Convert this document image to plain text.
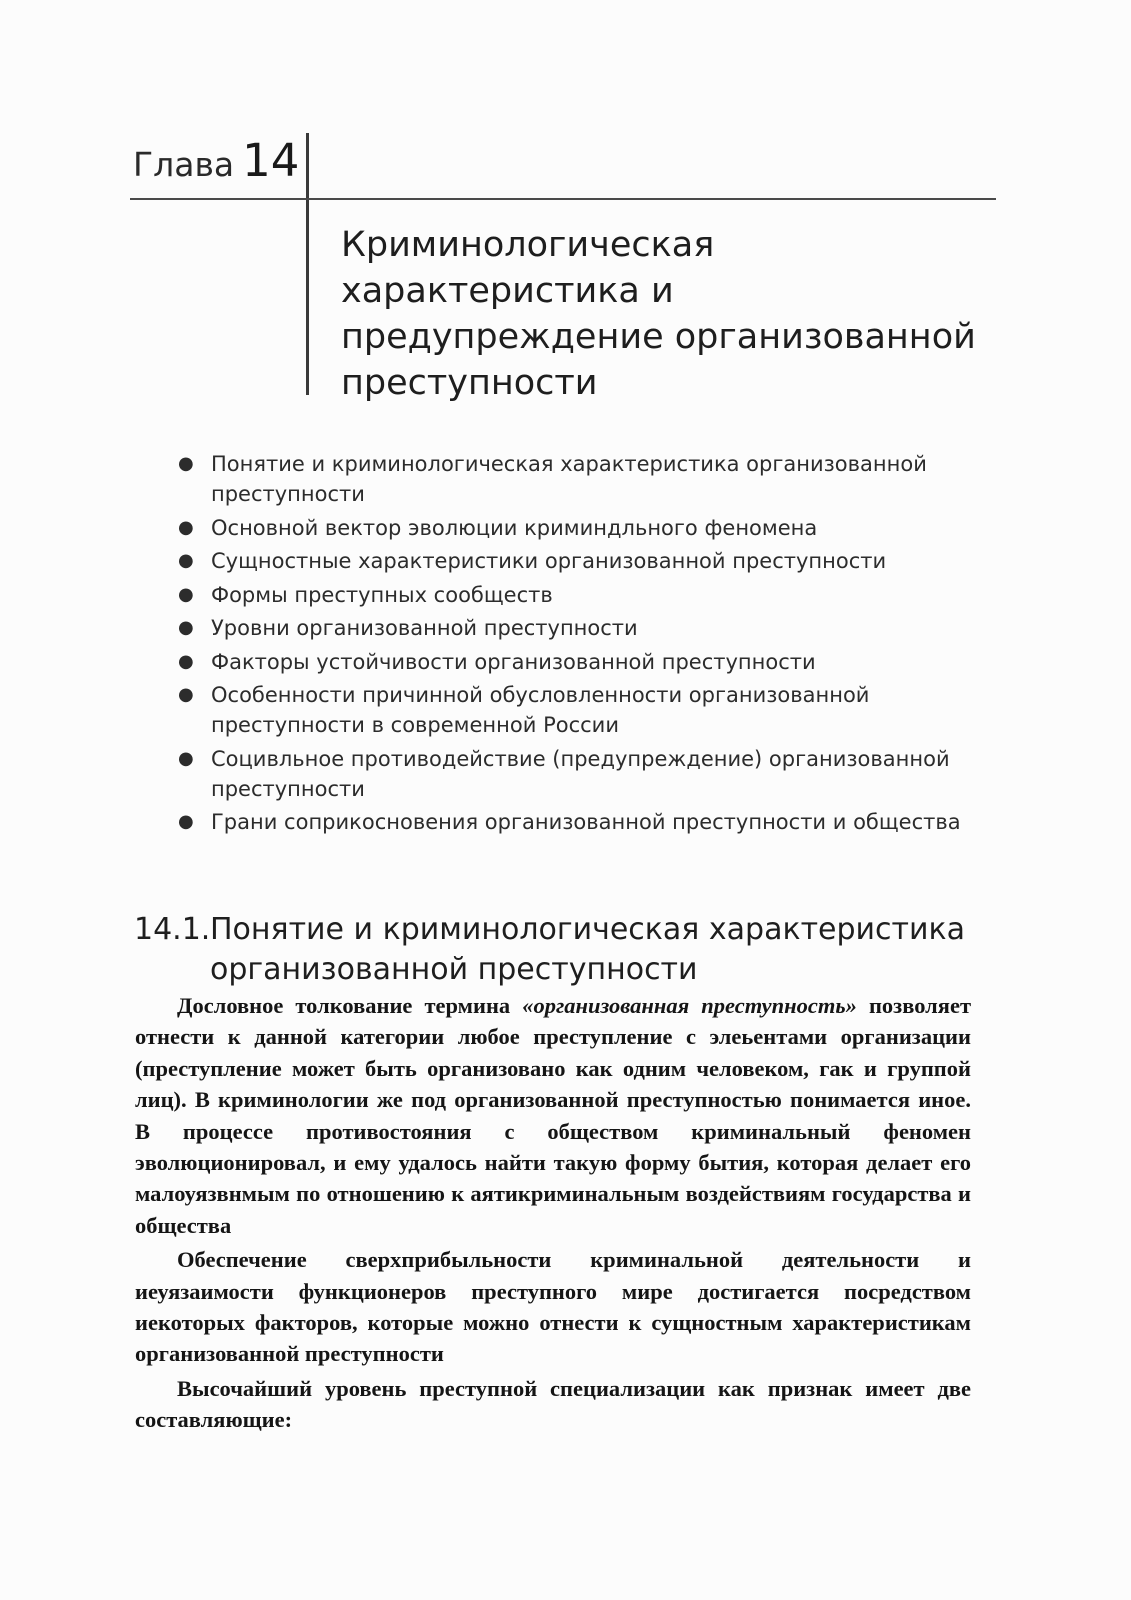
Глава 14
Криминологическая характеристика и предупреждение организованной преступности
● Понятие и криминологическая характеристика организованной преступности
● Основной вектор эволюции криминдльного феномена
● Сущностные характеристики организованной преступности
● Формы преступных сообществ
● Уровни организованной преступности
● Факторы устойчивости организованной преступности
● Особенности причинной обусловленности организованной преступности в современной России
● Социвльное противодействие (предупреждение) организованной преступности
● Грани соприкосновения организованной преступности и общества
14.1. Понятие и криминологическая характеристика организованной преступности

Дословное толкование термина «организованная преступность» позволяет отнести к данной категории любое преступление с элеьентами организации (преступление может быть организовано как одним человеком, гак и группой лиц). В криминологии же под организованной преступностью понимается иное. В процессе противостояния с обществом криминальный феномен эволюционировал, и ему удалось найти такую форму бытия, которая делает его малоуязвнмым по отношению к аятикриминальным воздействиям государства и общества

Обеспечение сверхприбыльности криминальной деятельности и иеуязаимости функционеров преступного мире достигается посредством иекоторых факторов, которые можно отнести к сущностным характеристикам организованной преступности

Высочайший уровень преступной специализации как признак имеет две составляющие:
